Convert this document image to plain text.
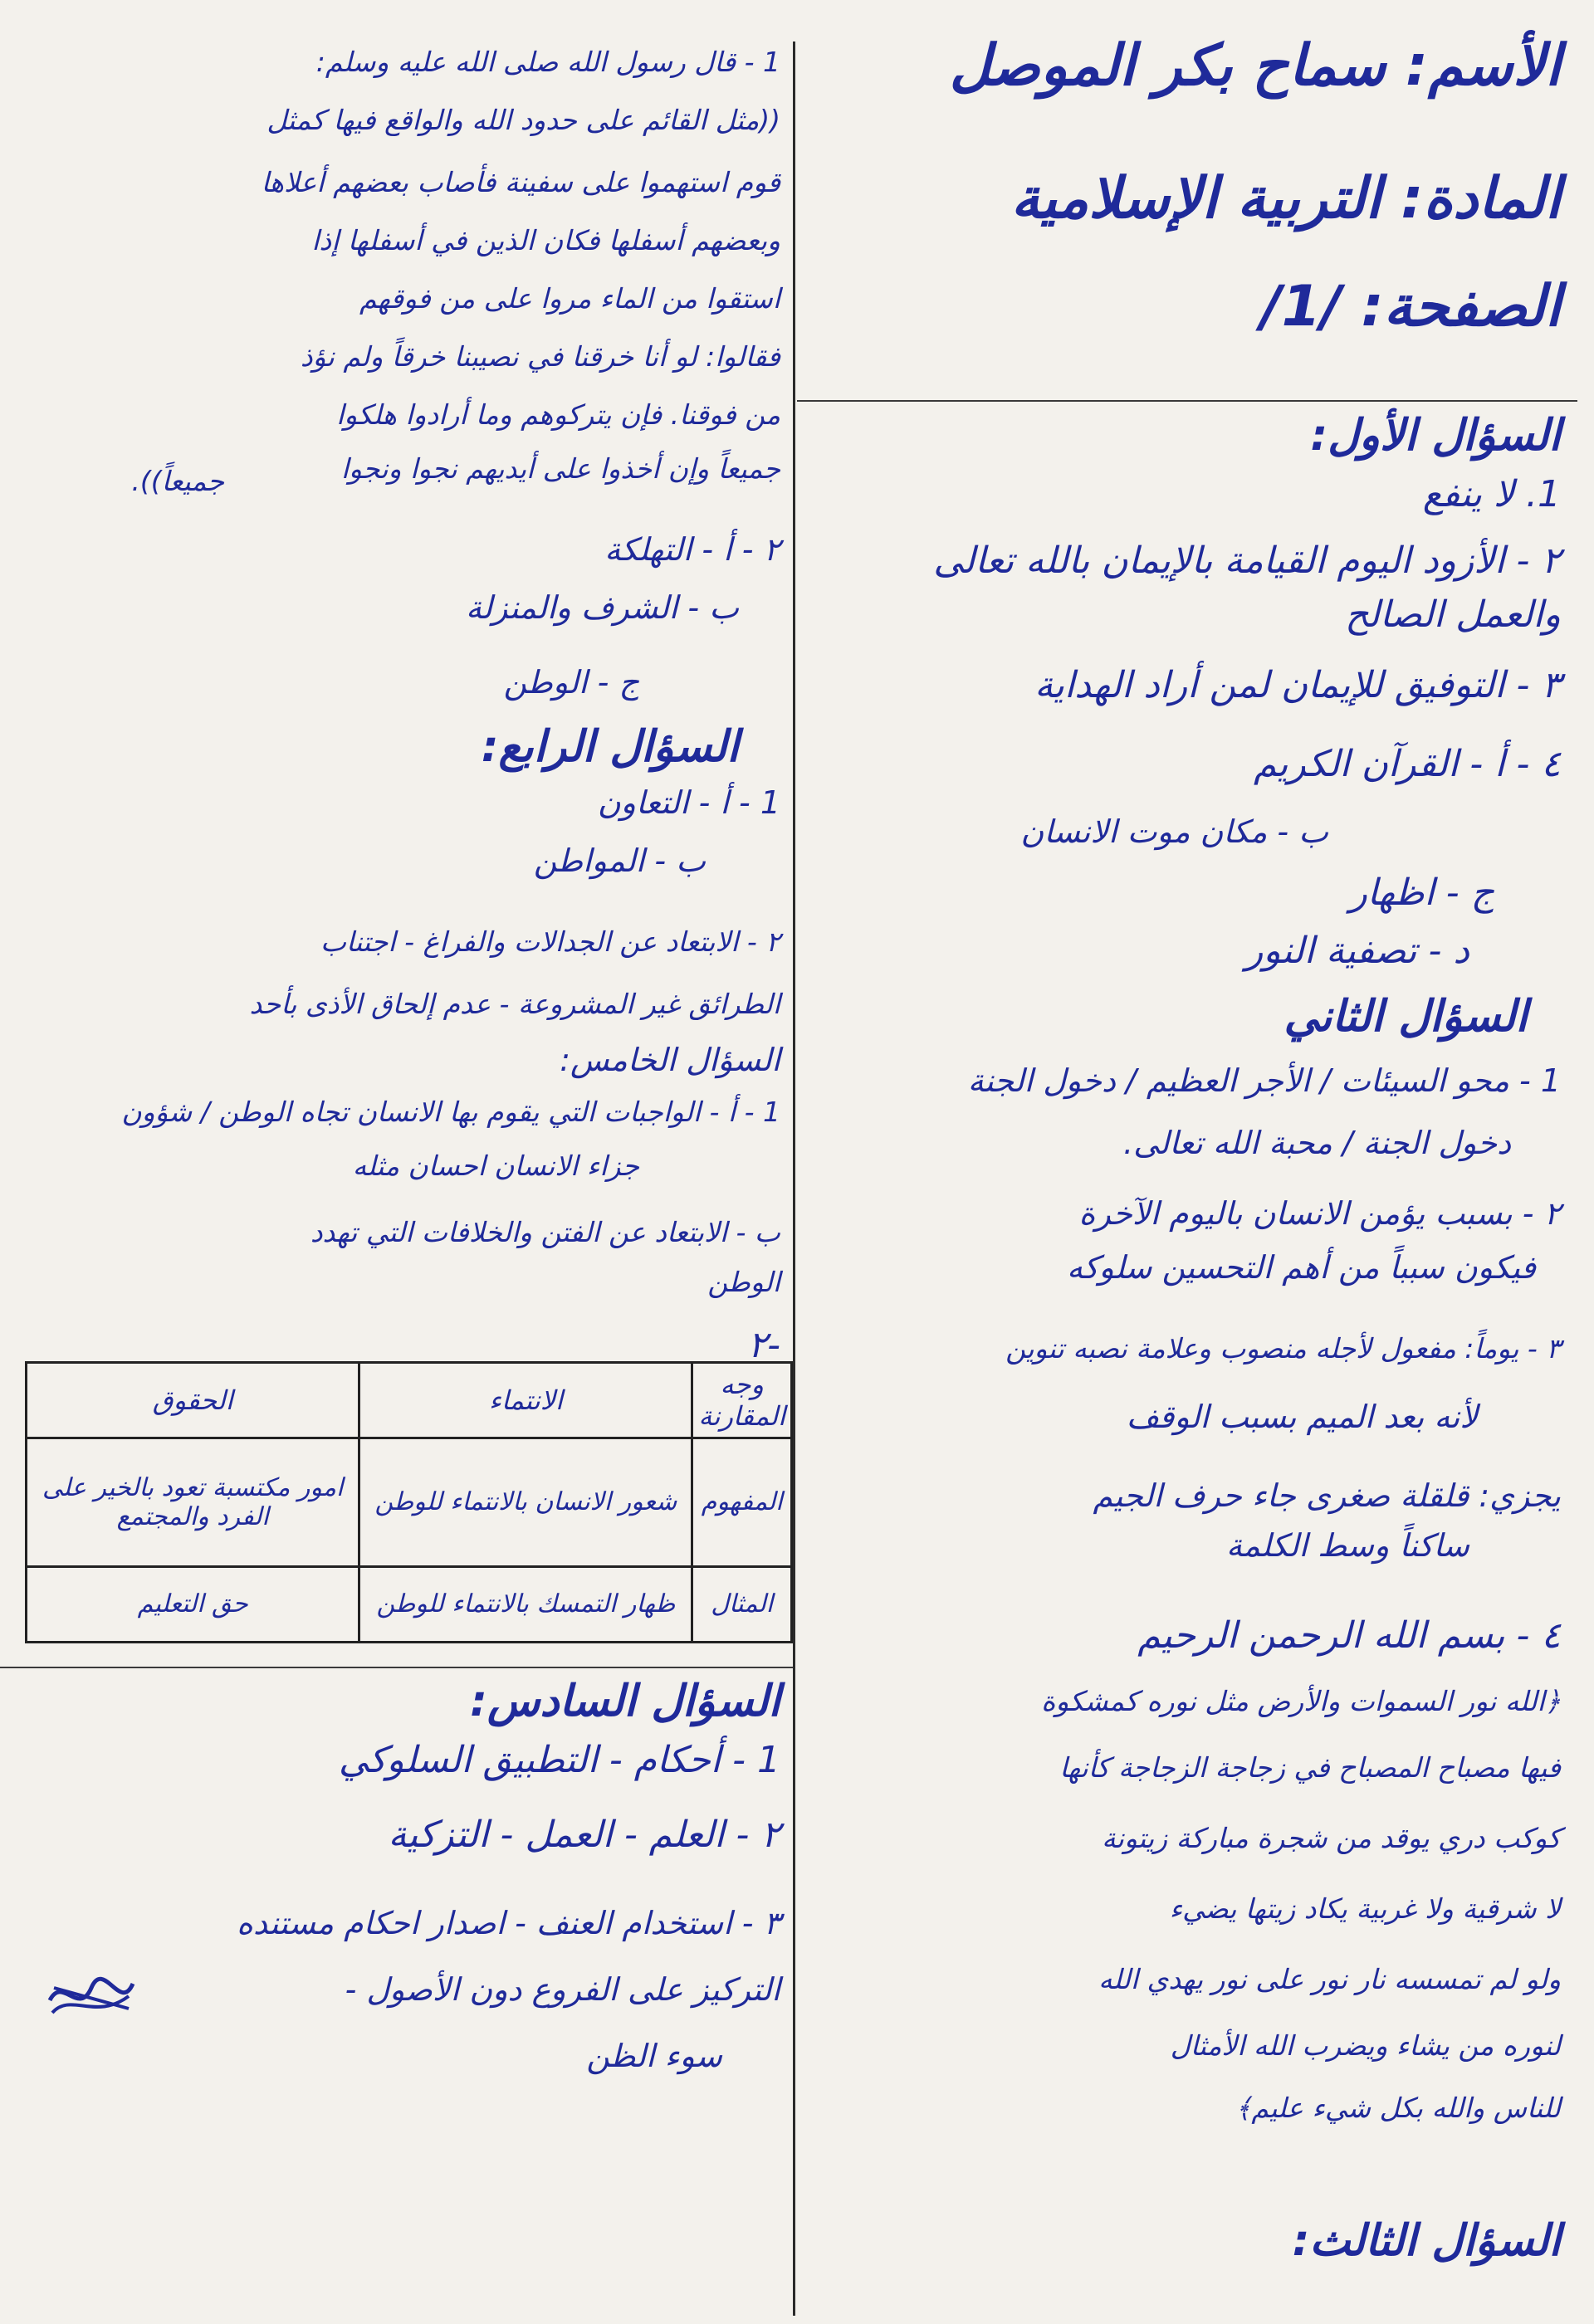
الأسم: سماح بكر الموصل
المادة: التربية الإسلامية
الصفحة: /1/
السؤال الأول:
1. لا ينفع
٢ - الأزود اليوم القيامة بالإيمان بالله تعالى
والعمل الصالح
٣ - التوفيق للإيمان لمن أراد الهداية
٤ - أ - القرآن الكريم
ب - مكان موت الانسان
ج - اظهار
د - تصفية النور
السؤال الثاني
1 - محو السيئات / الأجر العظيم / دخول الجنة
دخول الجنة / محبة الله تعالى.
٢ - بسبب يؤمن الانسان باليوم الآخرة
فيكون سبباً من أهم التحسين سلوكه
٣ - يوماً: مفعول لأجله منصوب وعلامة نصبه تنوين
لأنه بعد الميم بسبب الوقف
يجزي: قلقلة صغرى جاء حرف الجيم
ساكناً وسط الكلمة
٤ - بسم الله الرحمن الرحيم
﴿الله نور السموات والأرض مثل نوره كمشكوة
فيها مصباح المصباح في زجاجة الزجاجة كأنها
كوكب دري يوقد من شجرة مباركة زيتونة
لا شرقية ولا غربية يكاد زيتها يضيء
ولو لم تمسسه نار نور على نور يهدي الله
لنوره من يشاء ويضرب الله الأمثال
للناس والله بكل شيء عليم﴾
السؤال الثالث:
1 - قال رسول الله صلى الله عليه وسلم:
((مثل القائم على حدود الله والواقع فيها كمثل
قوم استهموا على سفينة فأصاب بعضهم أعلاها
وبعضهم أسفلها فكان الذين في أسفلها إذا
استقوا من الماء مروا على من فوقهم
فقالوا: لو أنا خرقنا في نصيبنا خرقاً ولم نؤذ
من فوقنا. فإن يتركوهم وما أرادوا هلكوا
جميعاً وإن أخذوا على أيديهم نجوا ونجوا
جميعاً)).
٢ - أ - التهلكة
ب - الشرف والمنزلة
ج - الوطن
السؤال الرابع:
1 - أ - التعاون
ب - المواطن
٢ - الابتعاد عن الجدالات والفراغ - اجتناب
الطرائق غير المشروعة - عدم إلحاق الأذى بأحد
السؤال الخامس:
1 - أ - الواجبات التي يقوم بها الانسان تجاه الوطن / شؤون
جزاء الانسان احسان مثله
ب - الابتعاد عن الفتن والخلافات التي تهدد
الوطن
-٢
وجه المقارنة	الانتماء	الحقوق
المفهوم	شعور الانسان بالانتماء للوطن	امور مكتسبة تعود بالخير على الفرد والمجتمع
المثال	ظهار التمسك بالانتماء للوطن	حق التعليم
السؤال السادس:
1 - أحكام - التطبيق السلوكي
٢ - العلم - العمل - التزكية
٣ - استخدام العنف - اصدار احكام مستنده
التركيز على الفروع دون الأصول -
سوء الظن
